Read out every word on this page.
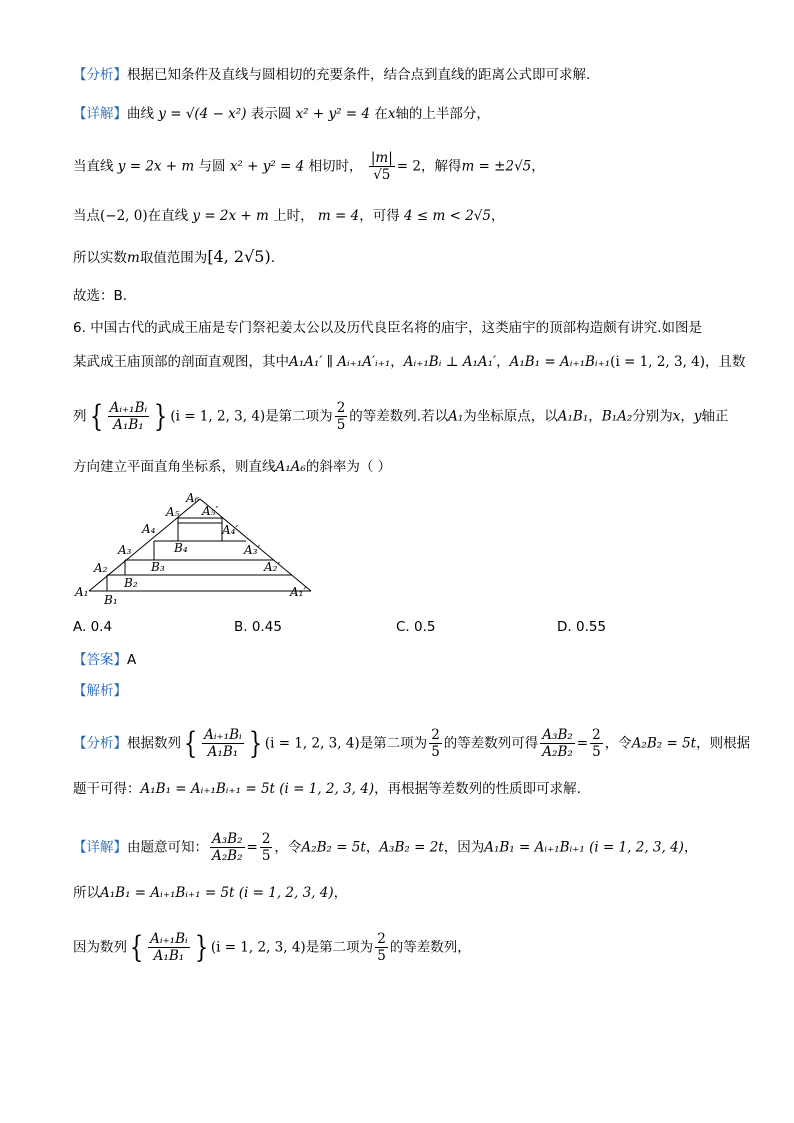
【分析】根据已知条件及直线与圆相切的充要条件，结合点到直线的距离公式即可求解.
【详解】曲线 y = √(4 − x²) 表示圆 x² + y² = 4 在x轴的上半部分，
当直线 y = 2x + m 与圆 x² + y² = 4 相切时， $\frac{|m|}{√5} = 2$，解得m = ±2√5，
当点(−2, 0)在直线 y = 2x + m 上时， m = 4，可得 4 ≤ m < 2√5，
所以实数m取值范围为[4, 2√5).
故选：B.
6. 中国古代的武成王庙是专门祭祀姜太公以及历代良臣名将的庙宇，这类庙宇的顶部构造颇有讲究.如图是
某武成王庙顶部的剖面直观图，其中A₁A₁′ ∥ Aᵢ₊₁A′ᵢ₊₁，Aᵢ₊₁Bᵢ ⊥ A₁A₁′，A₁B₁ = Aᵢ₊₁Bᵢ₊₁(i = 1, 2, 3, 4)，且数
列{ $\frac{\text{Aᵢ₊₁Bᵢ}}{\text{A₁B₁}}$ } (i = 1, 2, 3, 4)是第二项为 $\frac{2}{5}$ 的等差数列.若以A₁为坐标原点，以A₁B₁，B₁A₂分别为x，y轴正
方向建立平面直角坐标系，则直线A₁A₆的斜率为（ ）
A₁
B₁
A₂
B₂
A₃
B₃
A₄
B₄
A₅
A₆
A₅′
A₄′
A₃′
A₂′
A₁′
A. 0.4	B. 0.45	C. 0.5	D. 0.55
【答案】A
【解析】
【分析】根据数列{ $\frac{\text{Aᵢ₊₁Bᵢ}}{\text{A₁B₁}}$ } (i = 1, 2, 3, 4)是第二项为 $\frac{2}{5}$ 的等差数列可得 $\frac{\text{A₃B₂}}{\text{A₂B₂}} = \frac{2}{5}$ ，令A₂B₂ = 5t，则根据
题干可得：A₁B₁ = Aᵢ₊₁Bᵢ₊₁ = 5t (i = 1, 2, 3, 4)，再根据等差数列的性质即可求解.
【详解】由题意可知： $\frac{\text{A₃B₂}}{\text{A₂B₂}} = \frac{2}{5}$ ，令A₂B₂ = 5t，A₃B₂ = 2t，因为A₁B₁ = Aᵢ₊₁Bᵢ₊₁ (i = 1, 2, 3, 4)，
所以A₁B₁ = Aᵢ₊₁Bᵢ₊₁ = 5t (i = 1, 2, 3, 4)，
因为数列{ $\frac{\text{Aᵢ₊₁Bᵢ}}{\text{A₁B₁}}$ } (i = 1, 2, 3, 4)是第二项为 $\frac{2}{5}$ 的等差数列，
